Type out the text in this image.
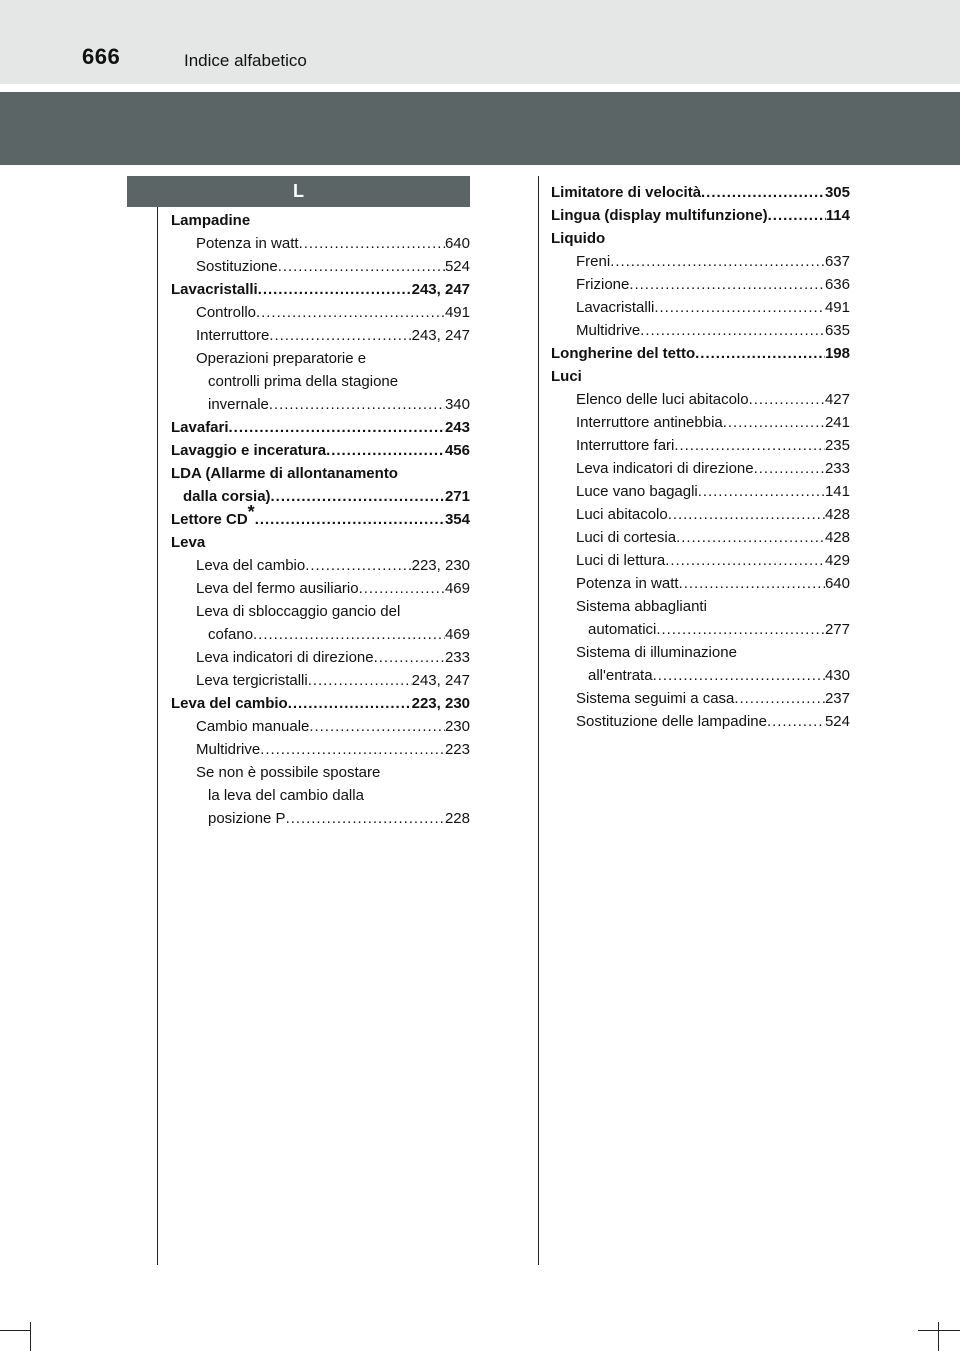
666	Indice alfabetico
L
Lampadine
Potenza in watt . . .	640
Sostituzione . . .	524
Lavacristalli . . .	243, 247
Controllo . . .	491
Interruttore . . .	243, 247
Operazioni preparatorie e
controlli prima della stagione
invernale . . .	340
Lavafari . . .	243
Lavaggio e inceratura . . .	456
LDA (Allarme di allontanamento
dalla corsia) . . .	271
Lettore CD* . . .	354
Leva
Leva del cambio . . .	223, 230
Leva del fermo ausiliario . . .	469
Leva di sbloccaggio gancio del
cofano . . .	469
Leva indicatori di direzione . . .	233
Leva tergicristalli . . .	243, 247
Leva del cambio . . .	223, 230
Cambio manuale . . .	230
Multidrive . . .	223
Se non è possibile spostare
la leva del cambio dalla
posizione P . . .	228
Limitatore di velocità . . .	305
Lingua (display multifunzione) . . .	114
Liquido
Freni . . .	637
Frizione . . .	636
Lavacristalli . . .	491
Multidrive . . .	635
Longherine del tetto . . .	198
Luci
Elenco delle luci abitacolo . . .	427
Interruttore antinebbia . . .	241
Interruttore fari . . .	235
Leva indicatori di direzione . . .	233
Luce vano bagagli . . .	141
Luci abitacolo . . .	428
Luci di cortesia . . .	428
Luci di lettura . . .	429
Potenza in watt . . .	640
Sistema abbaglianti
automatici . . .	277
Sistema di illuminazione
all'entrata . . .	430
Sistema seguimi a casa . . .	237
Sostituzione delle lampadine . . .	524
